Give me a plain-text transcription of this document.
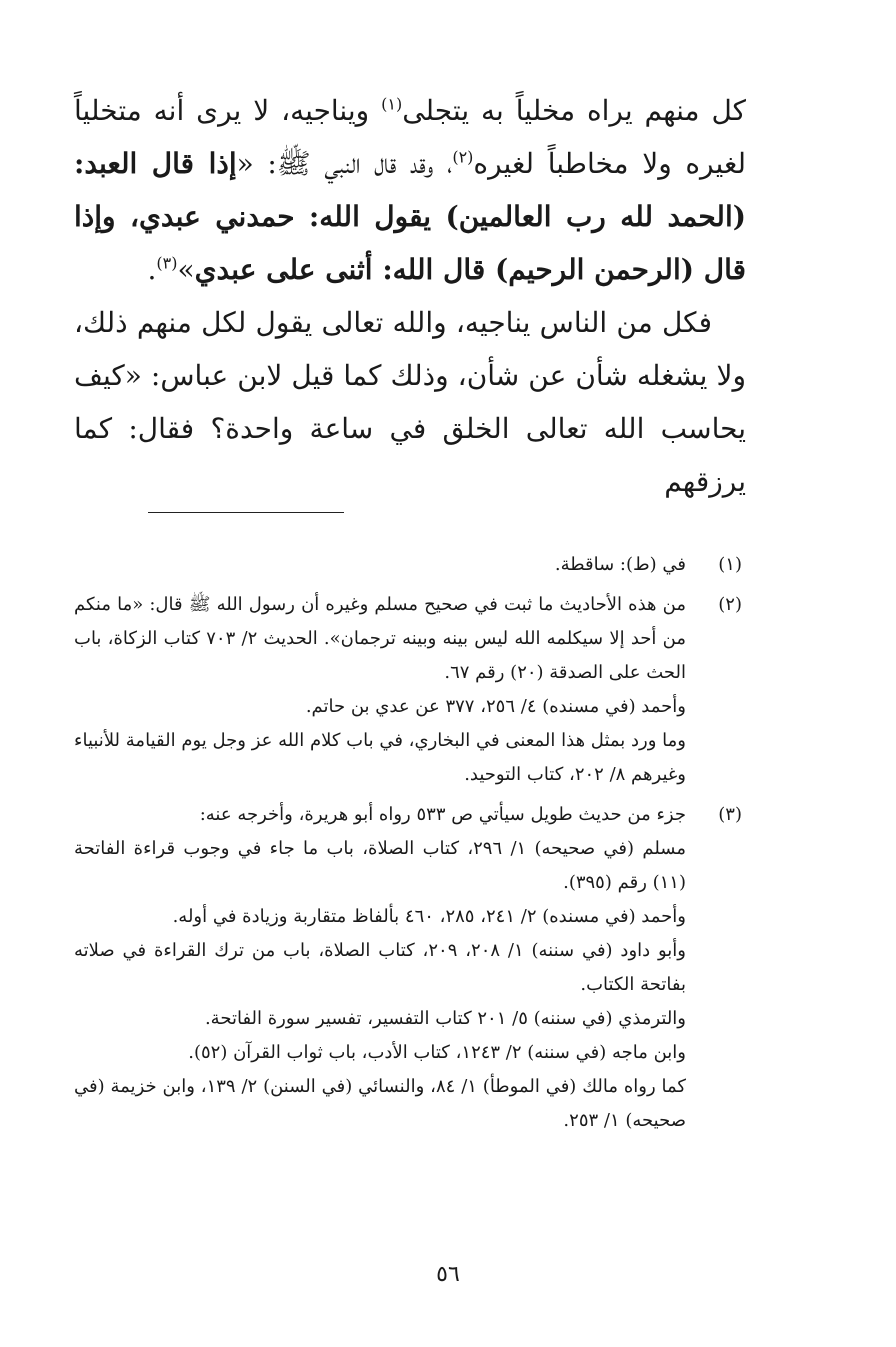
كل منهم يراه مخلياً به يتجلى$^{(١)}$ ويناجيه، لا يرى أنه متخلياً لغيره ولا مخاطباً لغيره$^{(٢)}$، وقد قال النبي ﷺ: «إذا قال العبد: (الحمد لله رب العالمين) يقول الله: حمدني عبدي، وإذا قال (الرحمن الرحيم) قال الله: أثنى على عبدي»$^{(٣)}$.

فكل من الناس يناجيه، والله تعالى يقول لكل منهم ذلك، ولا يشغله شأن عن شأن، وذلك كما قيل لابن عباس: «كيف يحاسب الله تعالى الخلق في ساعة واحدة؟ فقال: كما يرزقهم

(١)
في (ط): ساقطة.
(٢)
من هذه الأحاديث ما ثبت في صحيح مسلم وغيره أن رسول الله ﷺ قال: «ما منكم من أحد إلا سيكلمه الله ليس بينه وبينه ترجمان». الحديث ٢/ ٧٠٣ كتاب الزكاة، باب الحث على الصدقة (٢٠) رقم ٦٧.
وأحمد (في مسنده) ٤/ ٢٥٦، ٣٧٧ عن عدي بن حاتم.
وما ورد بمثل هذا المعنى في البخاري، في باب كلام الله عز وجل يوم القيامة للأنبياء وغيرهم ٨/ ٢٠٢، كتاب التوحيد.
(٣)
جزء من حديث طويل سيأتي ص ٥٣٣ رواه أبو هريرة، وأخرجه عنه:
مسلم (في صحيحه) ١/ ٢٩٦، كتاب الصلاة، باب ما جاء في وجوب قراءة الفاتحة (١١) رقم (٣٩٥).
وأحمد (في مسنده) ٢/ ٢٤١، ٢٨٥، ٤٦٠ بألفاظ متقاربة وزيادة في أوله.
وأبو داود (في سننه) ١/ ٢٠٨، ٢٠٩، كتاب الصلاة، باب من ترك القراءة في صلاته بفاتحة الكتاب.
والترمذي (في سننه) ٥/ ٢٠١ كتاب التفسير، تفسير سورة الفاتحة.
وابن ماجه (في سننه) ٢/ ١٢٤٣، كتاب الأدب، باب ثواب القرآن (٥٢).
كما رواه مالك (في الموطأ) ١/ ٨٤، والنسائي (في السنن) ٢/ ١٣٩، وابن خزيمة (في صحيحه) ١/ ٢٥٣.
٥٦
